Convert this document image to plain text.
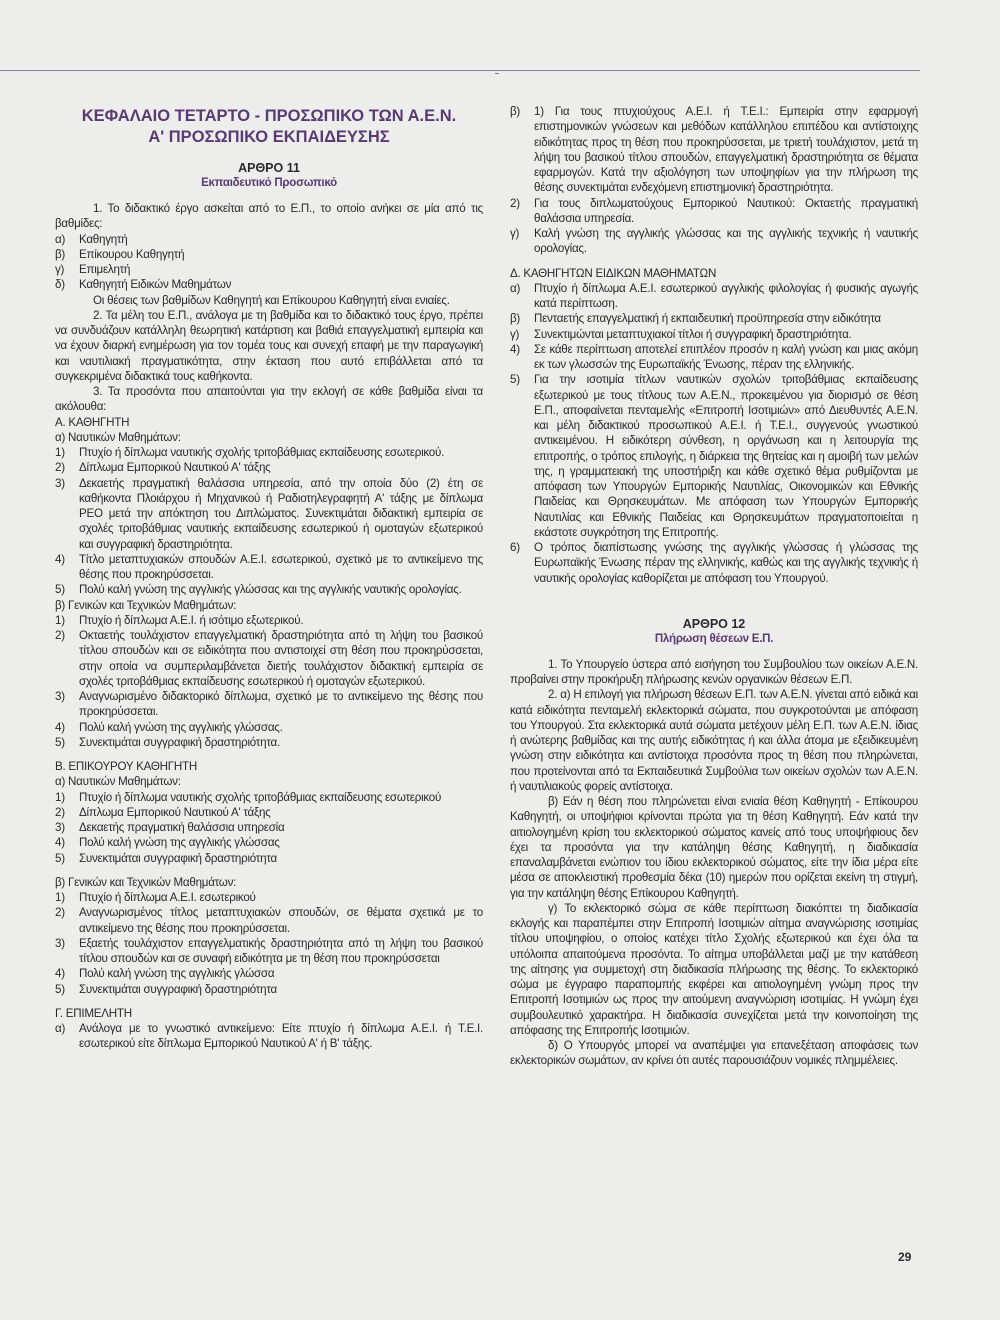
ΚΕΦΑΛΑΙΟ ΤΕΤΑΡΤΟ - ΠΡΟΣΩΠΙΚΟ ΤΩΝ Α.Ε.Ν.
Α' ΠΡΟΣΩΠΙΚΟ ΕΚΠΑΙΔΕΥΣΗΣ
ΑΡΘΡΟ 11
Εκπαιδευτικό Προσωπικό

1. Το διδακτικό έργο ασκείται από το Ε.Π., το οποίο ανήκει σε μία από τις βαθμίδες:

α)	Καθηγητή
β)	Επίκουρου Καθηγητή
γ)	Επιμελητή
δ)	Καθηγητή Ειδικών Μαθημάτων

Οι θέσεις των βαθμίδων Καθηγητή και Επίκουρου Καθηγητή είναι ενιαίες.

2. Τα μέλη του Ε.Π., ανάλογα με τη βαθμίδα και το διδακτικό τους έργο, πρέπει να συνδυάζουν κατάλληλη θεωρητική κατάρτιση και βαθιά επαγγελματική εμπειρία και να έχουν διαρκή ενημέρωση για τον τομέα τους και συνεχή επαφή με την παραγωγική και ναυτιλιακή πραγματικότητα, στην έκταση που αυτό επιβάλλεται από τα συγκεκριμένα διδακτικά τους καθήκοντα.

3. Τα προσόντα που απαιτούνται για την εκλογή σε κάθε βαθμίδα είναι τα ακόλουθα:

Α. ΚΑΘΗΓΗΤΗ

α) Ναυτικών Μαθημάτων:

1)	Πτυχίο ή δίπλωμα ναυτικής σχολής τριτοβάθμιας εκπαίδευσης εσωτερικού.
2)	Δίπλωμα Εμπορικού Ναυτικού Α' τάξης
3)	Δεκαετής πραγματική θαλάσσια υπηρεσία, από την οποία δύο (2) έτη σε καθήκοντα Πλοιάρχου ή Μηχανικού ή Ραδιοτηλεγραφητή Α' τάξης με δίπλωμα ΡΕΟ μετά την απόκτηση του Διπλώματος. Συνεκτιμάται διδακτική εμπειρία σε σχολές τριτοβάθμιας ναυτικής εκπαίδευσης εσωτερικού ή ομοταγών εξωτερικού και συγγραφική δραστηριότητα.
4)	Τίτλο μεταπτυχιακών σπουδών Α.Ε.Ι. εσωτερικού, σχετικό με το αντικείμενο της θέσης που προκηρύσσεται.
5)	Πολύ καλή γνώση της αγγλικής γλώσσας και της αγγλικής ναυτικής ορολογίας.

β) Γενικών και Τεχνικών Μαθημάτων:

1)	Πτυχίο ή δίπλωμα Α.Ε.Ι. ή ισότιμο εξωτερικού.
2)	Οκταετής τουλάχιστον επαγγελματική δραστηριότητα από τη λήψη του βασικού τίτλου σπουδών και σε ειδικότητα που αντιστοιχεί στη θέση που προκηρύσσεται, στην οποία να συμπεριλαμβάνεται διετής τουλάχιστον διδακτική εμπειρία σε σχολές τριτοβάθμιας εκπαίδευσης εσωτερικού ή ομοταγών εξωτερικού.
3)	Αναγνωρισμένο διδακτορικό δίπλωμα, σχετικό με το αντικείμενο της θέσης που προκηρύσσεται.
4)	Πολύ καλή γνώση της αγγλικής γλώσσας.
5)	Συνεκτιμάται συγγραφική δραστηριότητα.

Β. ΕΠΙΚΟΥΡΟΥ ΚΑΘΗΓΗΤΗ

α) Ναυτικών Μαθημάτων:

1)	Πτυχίο ή δίπλωμα ναυτικής σχολής τριτοβάθμιας εκπαίδευσης εσωτερικού
2)	Δίπλωμα Εμπορικού Ναυτικού Α' τάξης
3)	Δεκαετής πραγματική θαλάσσια υπηρεσία
4)	Πολύ καλή γνώση της αγγλικής γλώσσας
5)	Συνεκτιμάται συγγραφική δραστηριότητα

β) Γενικών και Τεχνικών Μαθημάτων:

1)	Πτυχίο ή δίπλωμα Α.Ε.Ι. εσωτερικού
2)	Αναγνωρισμένος τίτλος μεταπτυχιακών σπουδών, σε θέματα σχετικά με το αντικείμενο της θέσης που προκηρύσσεται.
3)	Εξαετής τουλάχιστον επαγγελματικής δραστηριότητα από τη λήψη του βασικού τίτλου σπουδών και σε συναφή ειδικότητα με τη θέση που προκηρύσσεται
4)	Πολύ καλή γνώση της αγγλικής γλώσσα
5)	Συνεκτιμάται συγγραφική δραστηριότητα

Γ. ΕΠΙΜΕΛΗΤΗ

α)	Ανάλογα με το γνωστικό αντικείμενο: Είτε πτυχίο ή δίπλωμα Α.Ε.Ι. ή Τ.Ε.Ι. εσωτερικού είτε δίπλωμα Εμπορικού Ναυτικού Α' ή Β' τάξης.
β)	1) Για τους πτυχιούχους Α.Ε.Ι. ή Τ.Ε.Ι.: Εμπειρία στην εφαρμογή επιστημονικών γνώσεων και μεθόδων κατάλληλου επιπέδου και αντίστοιχης ειδικότητας προς τη θέση που προκηρύσσεται, με τριετή τουλάχιστον, μετά τη λήψη του βασικού τίτλου σπουδών, επαγγελματική δραστηριότητα σε θέματα εφαρμογών. Κατά την αξιολόγηση των υποψηφίων για την πλήρωση της θέσης συνεκτιμάται ενδεχόμενη επιστημονική δραστηριότητα.
2)	Για τους διπλωματούχους Εμπορικού Ναυτικού: Οκταετής πραγματική θαλάσσια υπηρεσία.
γ)	Καλή γνώση της αγγλικής γλώσσας και της αγγλικής τεχνικής ή ναυτικής ορολογίας.

Δ. ΚΑΘΗΓΗΤΩΝ ΕΙΔΙΚΩΝ ΜΑΘΗΜΑΤΩΝ

α)	Πτυχίο ή δίπλωμα Α.Ε.Ι. εσωτερικού αγγλικής φιλολογίας ή φυσικής αγωγής κατά περίπτωση.
β)	Πενταετής επαγγελματική ή εκπαιδευτική προϋπηρεσία στην ειδικότητα
γ)	Συνεκτιμώνται μεταπτυχιακοί τίτλοι ή συγγραφική δραστηριότητα.
4)	Σε κάθε περίπτωση αποτελεί επιπλέον προσόν η καλή γνώση και μιας ακόμη εκ των γλωσσών της Ευρωπαϊκής Ένωσης, πέραν της ελληνικής.
5)	Για την ισοτιμία τίτλων ναυτικών σχολών τριτοβάθμιας εκπαίδευσης εξωτερικού με τους τίτλους των Α.Ε.Ν., προκειμένου για διορισμό σε θέση Ε.Π., αποφαίνεται πενταμελής «Επιτροπή Ισοτιμιών» από Διευθυντές Α.Ε.Ν. και μέλη διδακτικού προσωπικού Α.Ε.Ι. ή Τ.Ε.Ι., συγγενούς γνωστικού αντικειμένου. Η ειδικότερη σύνθεση, η οργάνωση και η λειτουργία της επιτροπής, ο τρόπος επιλογής, η διάρκεια της θητείας και η αμοιβή των μελών της, η γραμματειακή της υποστήριξη και κάθε σχετικό θέμα ρυθμίζονται με απόφαση των Υπουργών Εμπορικής Ναυτιλίας, Οικονομικών και Εθνικής Παιδείας και Θρησκευμάτων. Με απόφαση των Υπουργών Εμπορικής Ναυτιλίας και Εθνικής Παιδείας και Θρησκευμάτων πραγματοποιείται η εκάστοτε συγκρότηση της Επιτροπής.
6)	Ο τρόπος διαπίστωσης γνώσης της αγγλικής γλώσσας ή γλώσσας της Ευρωπαϊκής Ένωσης πέραν της ελληνικής, καθώς και της αγγλικής τεχνικής ή ναυτικής ορολογίας καθορίζεται με απόφαση του Υπουργού.
ΑΡΘΡΟ 12
Πλήρωση θέσεων Ε.Π.

1. Το Υπουργείο ύστερα από εισήγηση του Συμβουλίου των οικείων Α.Ε.Ν. προβαίνει στην προκήρυξη πλήρωσης κενών οργανικών θέσεων Ε.Π.

2. α) Η επιλογή για πλήρωση θέσεων Ε.Π. των Α.Ε.Ν. γίνεται από ειδικά και κατά ειδικότητα πενταμελή εκλεκτορικά σώματα, που συγκροτούνται με απόφαση του Υπουργού. Στα εκλεκτορικά αυτά σώματα μετέχουν μέλη Ε.Π. των Α.Ε.Ν. ίδιας ή ανώτερης βαθμίδας και της αυτής ειδικότητας ή και άλλα άτομα με εξειδικευμένη γνώση στην ειδικότητα και αντίστοιχα προσόντα προς τη θέση που πληρώνεται, που προτείνονται από τα Εκπαιδευτικά Συμβούλια των οικείων σχολών των Α.Ε.Ν. ή ναυτιλιακούς φορείς αντίστοιχα.

β) Εάν η θέση που πληρώνεται είναι ενιαία θέση Καθηγητή - Επίκουρου Καθηγητή, οι υποψήφιοι κρίνονται πρώτα για τη θέση Καθηγητή. Εάν κατά την αιτιολογημένη κρίση του εκλεκτορικού σώματος κανείς από τους υποψήφιους δεν έχει τα προσόντα για την κατάληψη θέσης Καθηγητή, η διαδικασία επαναλαμβάνεται ενώπιον του ίδιου εκλεκτορικού σώματος, είτε την ίδια μέρα είτε μέσα σε αποκλειστική προθεσμία δέκα (10) ημερών που ορίζεται εκείνη τη στιγμή, για την κατάληψη θέσης Επίκουρου Καθηγητή.

γ) Το εκλεκτορικό σώμα σε κάθε περίπτωση διακόπτει τη διαδικασία εκλογής και παραπέμπει στην Επιτροπή Ισοτιμιών αίτημα αναγνώρισης ισοτιμίας τίτλου υποψηφίου, ο οποίος κατέχει τίτλο Σχολής εξωτερικού και έχει όλα τα υπόλοιπα απαιτούμενα προσόντα. Το αίτημα υποβάλλεται μαζί με την κατάθεση της αίτησης για συμμετοχή στη διαδικασία πλήρωσης της θέσης. Το εκλεκτορικό σώμα με έγγραφο παραπομπής εκφέρει και αιτιολογημένη γνώμη προς την Επιτροπή Ισοτιμιών ως προς την αιτούμενη αναγνώριση ισοτιμίας. Η γνώμη έχει συμβουλευτικό χαρακτήρα. Η διαδικασία συνεχίζεται μετά την κοινοποίηση της απόφασης της Επιτροπής Ισοτιμιών.

δ) Ο Υπουργός μπορεί να αναπέμψει για επανεξέταση αποφάσεις των εκλεκτορικών σωμάτων, αν κρίνει ότι αυτές παρουσιάζουν νομικές πλημμέλειες.

29
